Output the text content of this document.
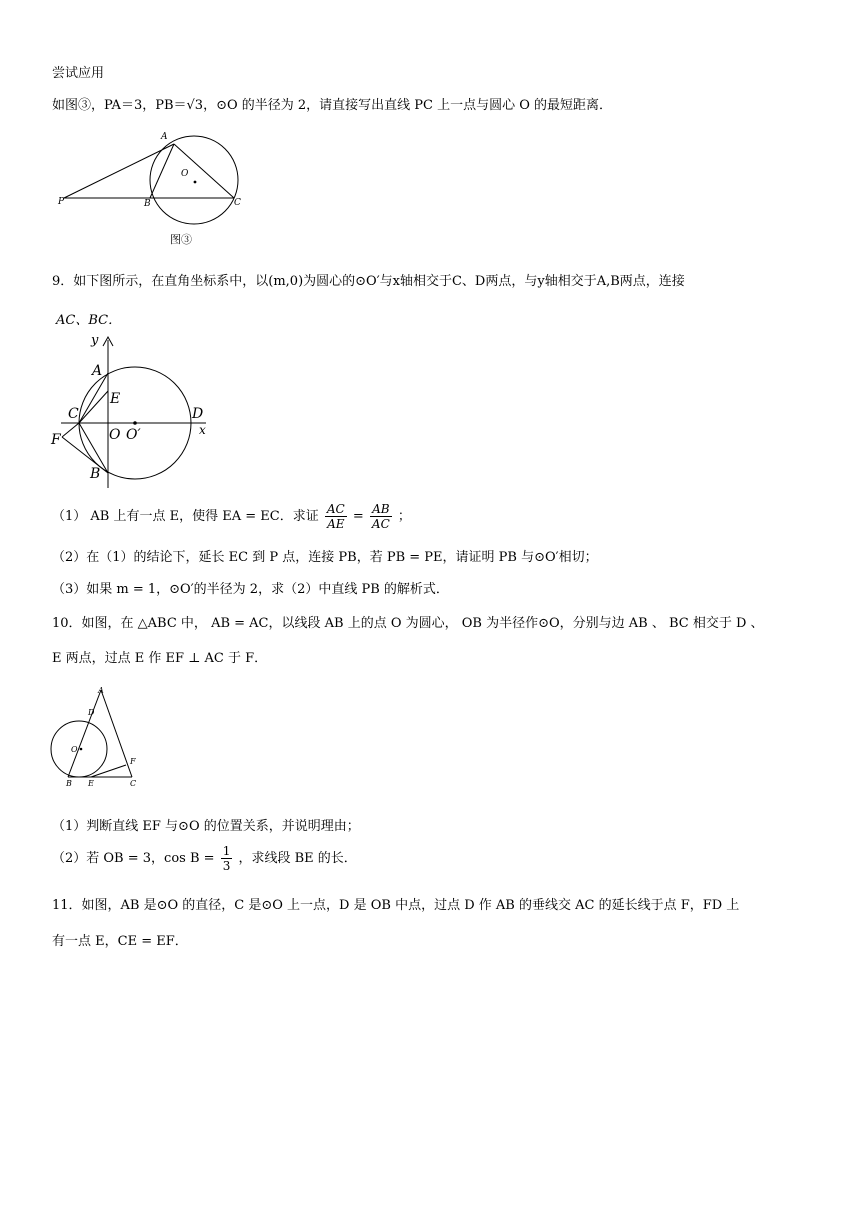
尝试应用
如图③，PA＝3，PB＝√3，⊙O 的半径为 2，请直接写出直线 PC 上一点与圆心 O 的最短距离．
A
O
P	B	C
图③
9．如下图所示，在直角坐标系中，以(m,0)为圆心的⊙O′与x轴相交于C、D两点，与y轴相交于A,B两点，连接
AC、BC．
y
A
E
C	D
x
F	O O′
B
（1） AB 上有一点 E，使得 EA = EC．求证 $\frac{AC}{AE} = \frac{AB}{AC}$ ；
（2）在（1）的结论下，延长 EC 到 P 点，连接 PB，若 PB = PE，请证明 PB 与⊙O′相切；
（3）如果 m = 1，⊙O′的半径为 2，求（2）中直线 PB 的解析式．
10．如图，在 △ABC 中， AB = AC，以线段 AB 上的点 O 为圆心， OB 为半径作⊙O，分别与边 AB 、 BC 相交于 D 、
E 两点，过点 E 作 EF ⊥ AC 于 F．
A
D
O
F
B E	C
（1）判断直线 EF 与⊙O 的位置关系，并说明理由；
（2）若 OB = 3，$\cos B = \frac{1}{3}$ ，求线段 BE 的长．
11．如图，AB 是⊙O 的直径，C 是⊙O 上一点，D 是 OB 中点，过点 D 作 AB 的垂线交 AC 的延长线于点 F，FD 上
有一点 E，CE = EF．
